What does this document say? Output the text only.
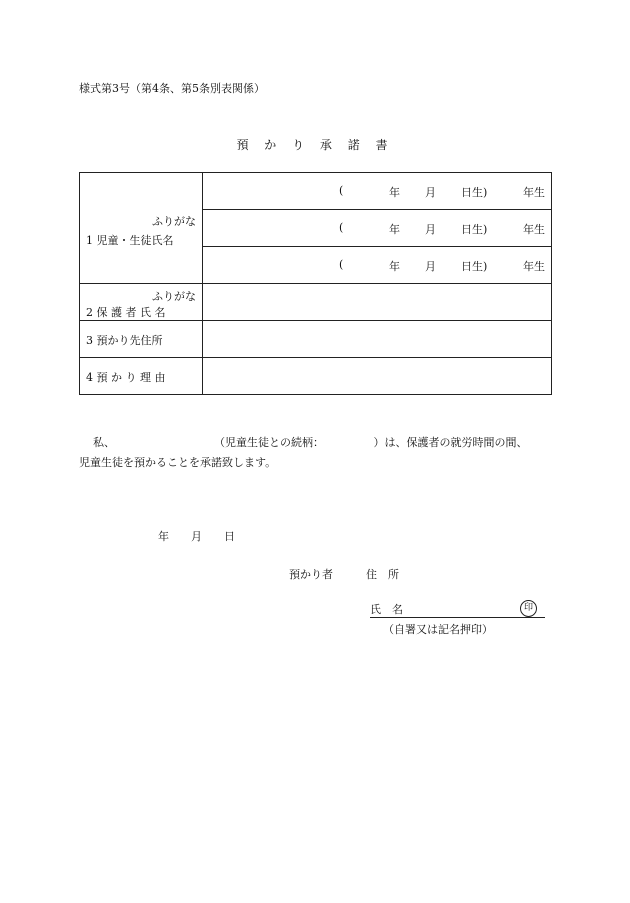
様式第3号（第4条、第5条別表関係）
預 か り 承 諾 書
ふりがな
1 児童・生徒氏名	( 年 月 日生) 年生

	( 年 月 日生) 年生

	( 年 月 日生) 年生

ふりがな
2 保 護 者 氏 名	

3 預かり先住所	

4 預 か り 理 由	

私、　　　　　　　　　　（児童生徒との続柄：　　　　　）は、保護者の就労時間の間、
児童生徒を預かることを承諾致します。
年　　月　　日
預かり者　　　住　所
氏　名	印
（自署又は記名押印）
